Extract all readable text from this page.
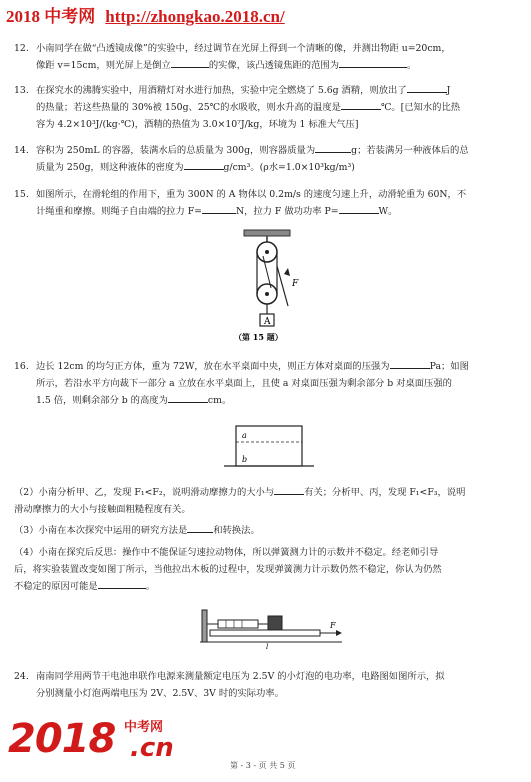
2018 中考网 http://zhongkao.2018.cn/
12. 小南同学在做“凸透镜成像”的实验中，经过调节在光屏上得到一个清晰的像，并测出物距 u=20cm，
像距 v=15cm，则光屏上是倒立	的实像，该凸透镜焦距的范围为	。
13. 在探究水的沸腾实验中，用酒精灯对水进行加热，实验中完全燃烧了 5.6g 酒精，则放出了	J
的热量；若这些热量的 30%被 150g、25℃的水吸收，则水升高的温度是	℃。[已知水的比热
容为 4.2×10³J/(kg·℃)，酒精的热值为 3.0×10⁷J/kg，环境为 1 标准大气压]
14. 容积为 250mL 的容器，装满水后的总质量为 300g，则容器质量为	g；若装满另一种液体后的总
质量为 250g，则这种液体的密度为	g/cm³。(ρ水=1.0×10³kg/m³)
15. 如图所示，在滑轮组的作用下，重为 300N 的 A 物体以 0.2m/s 的速度匀速上升，动滑轮重为 60N，不
计绳重和摩擦。则绳子自由端的拉力 F=	N，拉力 F 做功功率 P=	W。
F
A
（第 15 题）
16. 边长 12cm 的均匀正方体，重为 72W，放在水平桌面中央，则正方体对桌面的压强为	Pa；如图
所示，若沿水平方向裁下一部分 a 立放在水平桌面上，且使 a 对桌面压强为剩余部分 b 对桌面压强的
1.5 倍，则剩余部分 b 的高度为	cm。
a
b
（2）小南分析甲、乙，发现 F₁<F₂，说明滑动摩擦力的大小与	有关；分析甲、丙，发现 F₁<F₃，说明
滑动摩擦力的大小与接触面粗糙程度有关。
（3）小南在本次探究中运用的研究方法是	和转换法。
（4）小南在探究后反思：操作中不能保证匀速拉动物体，所以弹簧测力计的示数并不稳定。经老师引导
后，将实验装置改变如图丁所示，当他拉出木板的过程中，发现弹簧测力计示数仍然不稳定，你认为仍然
不稳定的原因可能是	。
F
l
24. 南南同学用两节干电池串联作电源来测量额定电压为 2.5V 的小灯泡的电功率，电路图如图所示，拟
分别测量小灯泡两端电压为 2V、2.5V、3V 时的实际功率。
2018 中考网
.cn
第 - 3 - 页 共 5 页
